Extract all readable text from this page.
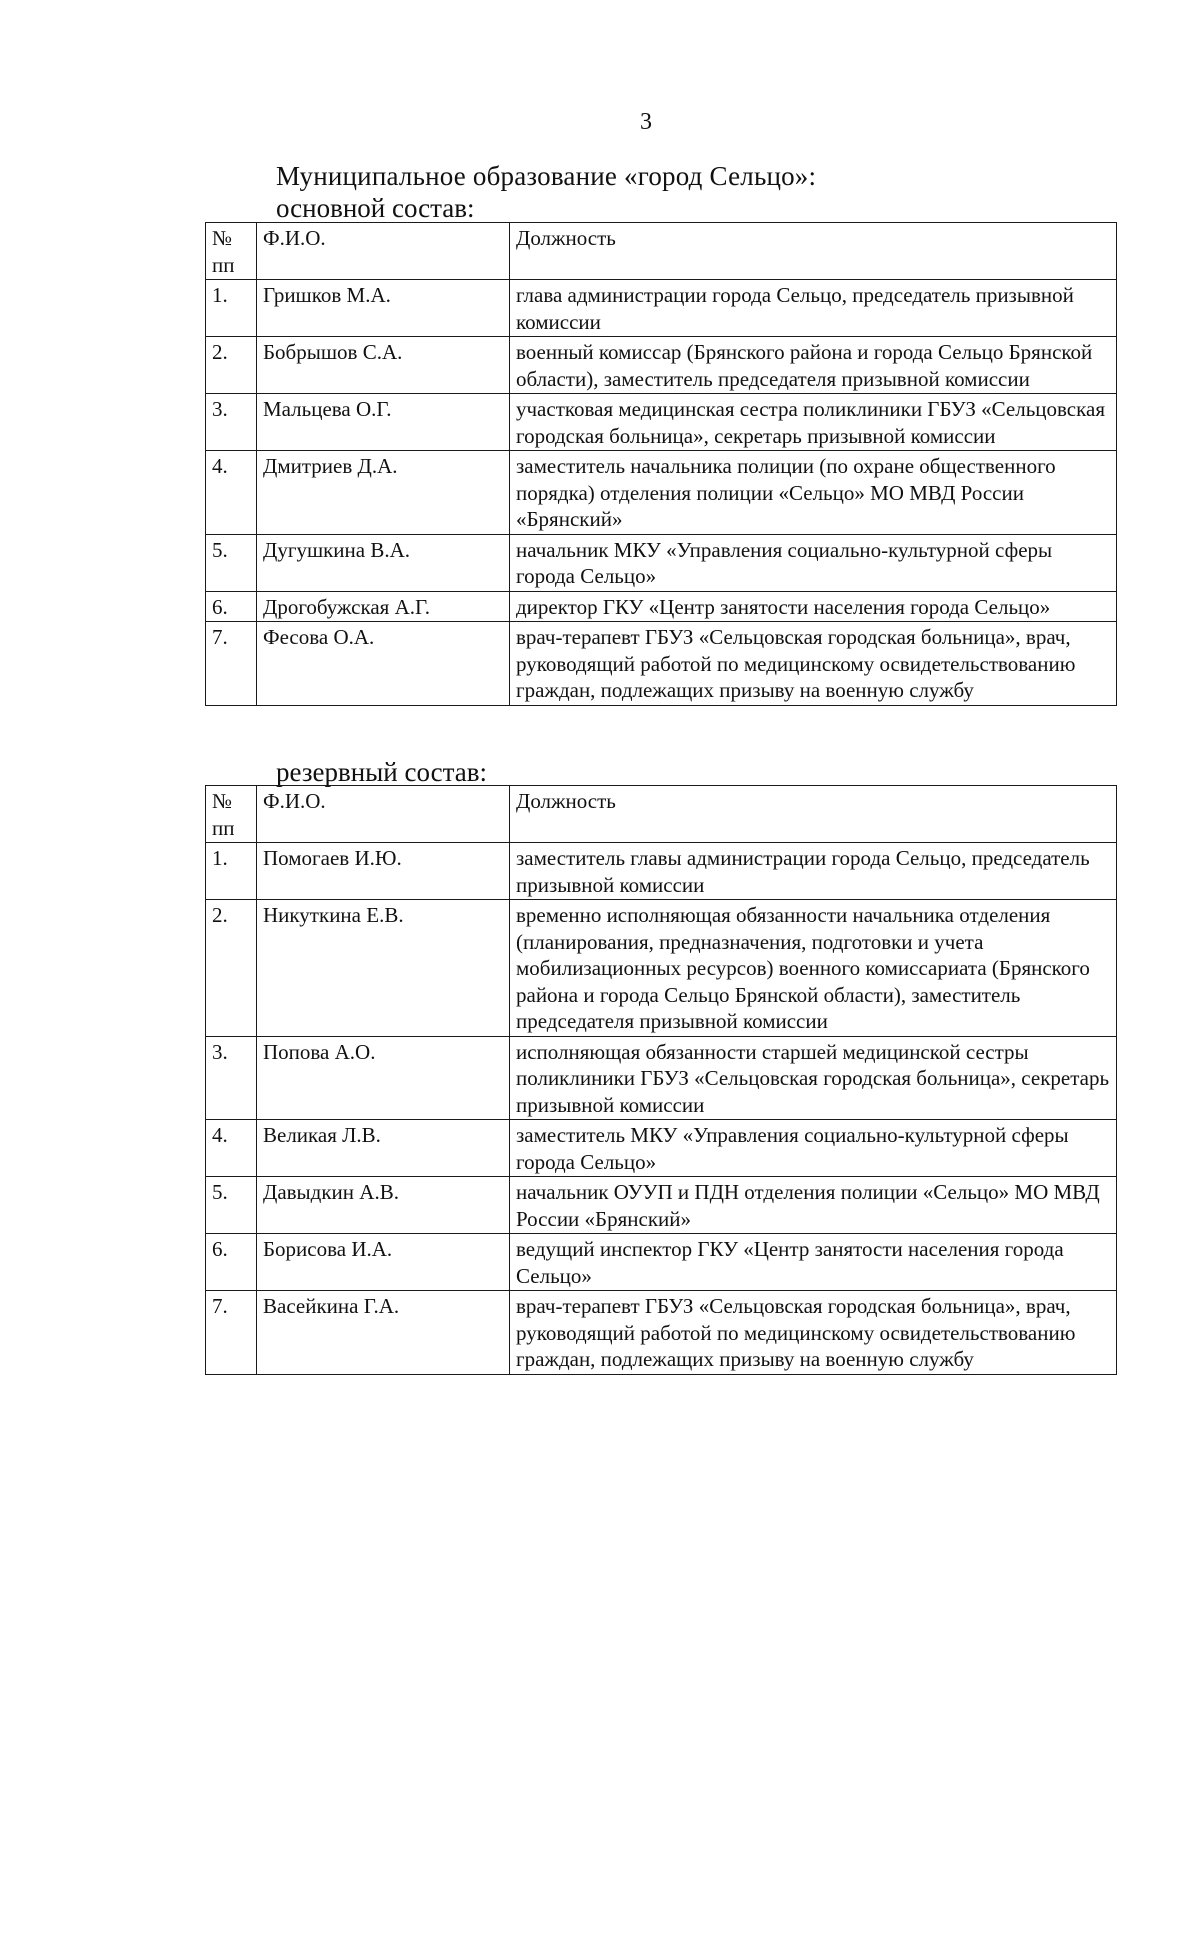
3
Муниципальное образование «город Сельцо»:
основной состав:
№ пп	Ф.И.О.	Должность
1.	Гришков М.А.	глава администрации города Сельцо, председатель призывной комиссии
2.	Бобрышов С.А.	военный комиссар (Брянского района и города Сельцо Брянской области), заместитель председателя призывной комиссии
3.	Мальцева О.Г.	участковая медицинская сестра поликлиники ГБУЗ «Сельцовская городская больница», секретарь призывной комиссии
4.	Дмитриев Д.А.	заместитель начальника полиции (по охране общественного порядка) отделения полиции «Сельцо» МО МВД России «Брянский»
5.	Дугушкина В.А.	начальник МКУ «Управления социально-культурной сферы города Сельцо»
6.	Дрогобужская А.Г.	директор ГКУ «Центр занятости населения города Сельцо»
7.	Фесова О.А.	врач-терапевт ГБУЗ «Сельцовская городская больница», врач, руководящий работой по медицинскому освидетельствованию граждан, подлежащих призыву на военную службу
резервный состав:
№ пп	Ф.И.О.	Должность
1.	Помогаев И.Ю.	заместитель главы администрации города Сельцо, председатель призывной комиссии
2.	Никуткина Е.В.	временно исполняющая обязанности начальника отделения (планирования, предназначения, подготовки и учета мобилизационных ресурсов) военного комиссариата (Брянского района и города Сельцо Брянской области), заместитель председателя призывной комиссии
3.	Попова А.О.	исполняющая обязанности старшей медицинской сестры поликлиники ГБУЗ «Сельцовская городская больница», секретарь призывной комиссии
4.	Великая Л.В.	заместитель МКУ «Управления социально-культурной сферы города Сельцо»
5.	Давыдкин А.В.	начальник ОУУП и ПДН отделения полиции «Сельцо» МО МВД России «Брянский»
6.	Борисова И.А.	ведущий инспектор ГКУ «Центр занятости населения города Сельцо»
7.	Васейкина Г.А.	врач-терапевт ГБУЗ «Сельцовская городская больница», врач, руководящий работой по медицинскому освидетельствованию граждан, подлежащих призыву на военную службу
